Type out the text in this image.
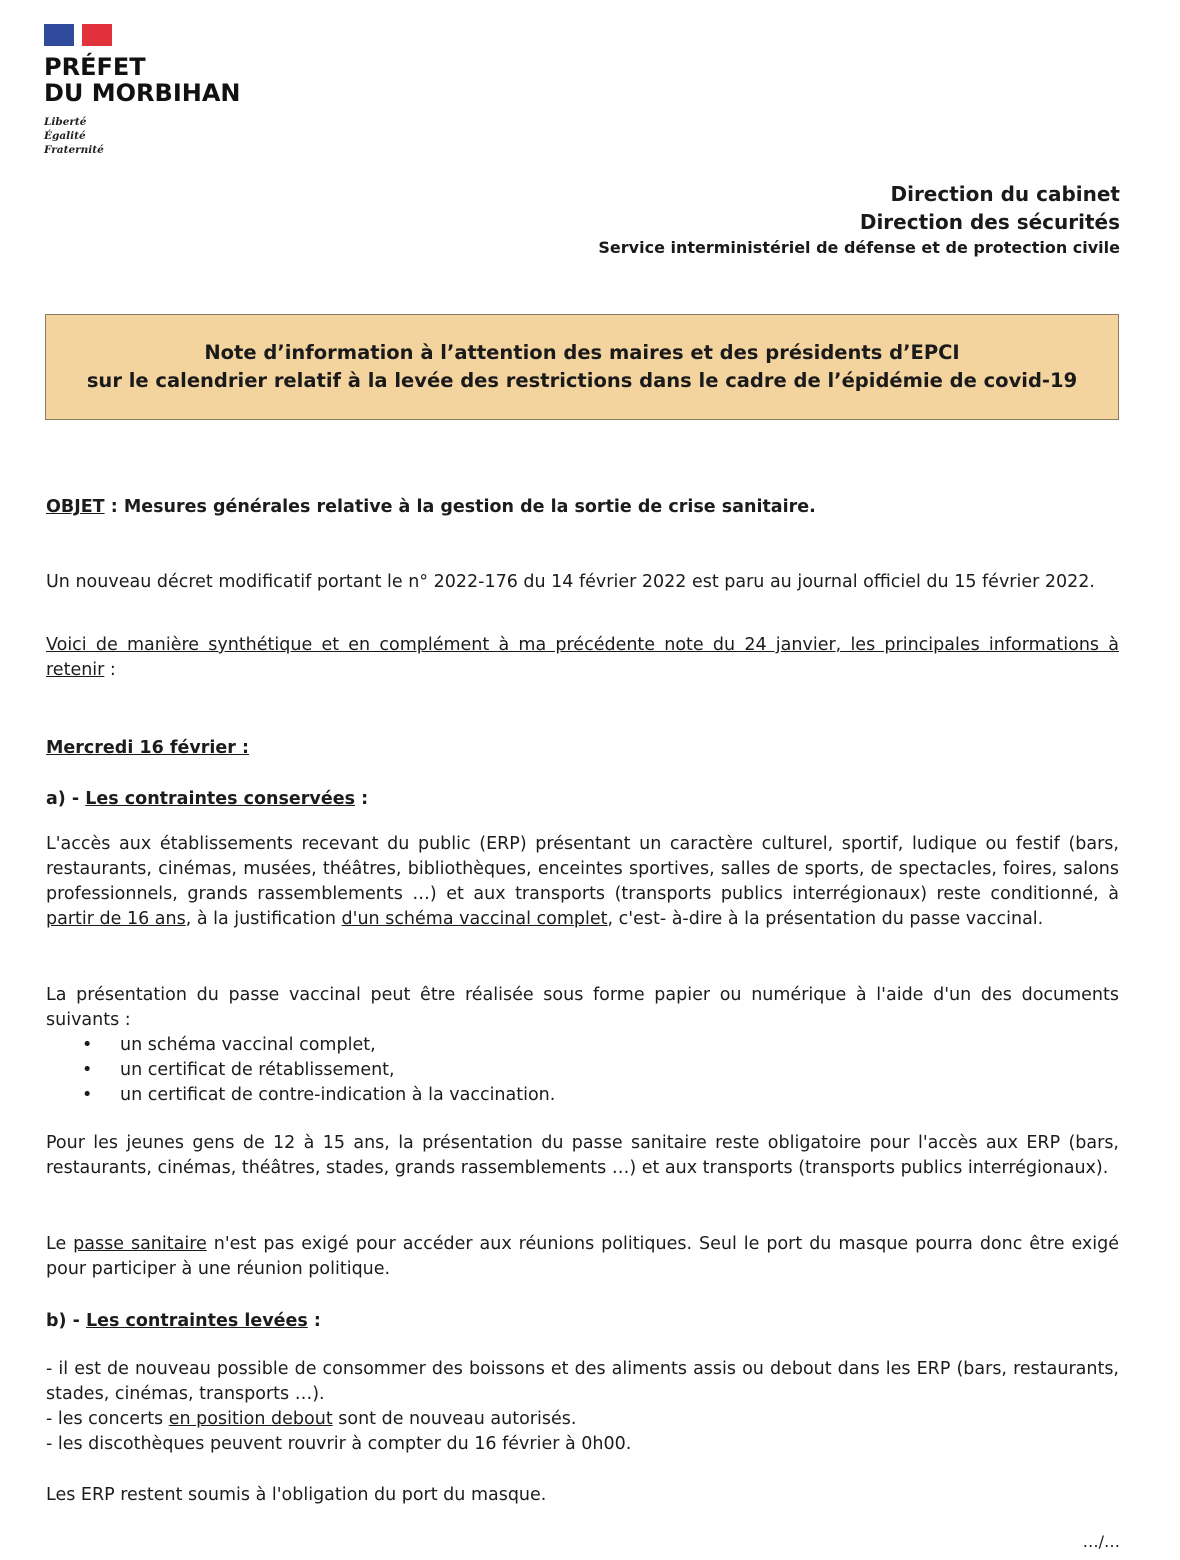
PRÉFET
DU MORBIHAN
Liberté
Égalité
Fraternité
Direction du cabinet
Direction des sécurités
Service interministériel de défense et de protection civile
Note d’information à l’attention des maires et des présidents d’EPCI
sur le calendrier relatif à la levée des restrictions dans le cadre de l’épidémie de covid-19
OBJET : Mesures générales relative à la gestion de la sortie de crise sanitaire.
Un nouveau décret modificatif portant le n° 2022-176 du 14 février 2022 est paru au journal officiel du 15 février 2022.
Voici de manière synthétique et en complément à ma précédente note du 24 janvier, les principales informations à retenir :
Mercredi 16 février :
a) - Les contraintes conservées :
L'accès aux établissements recevant du public (ERP) présentant un caractère culturel, sportif, ludique ou festif (bars, restaurants, cinémas, musées, théâtres, bibliothèques, enceintes sportives, salles de sports, de spectacles, foires, salons professionnels, grands rassemblements …) et aux transports (transports publics interrégionaux) reste conditionné, à partir de 16 ans, à la justification d'un schéma vaccinal complet, c'est- à-dire à la présentation du passe vaccinal.
La présentation du passe vaccinal peut être réalisée sous forme papier ou numérique à l'aide d'un des documents suivants :
• un schéma vaccinal complet,
• un certificat de rétablissement,
• un certificat de contre-indication à la vaccination.
Pour les jeunes gens de 12 à 15 ans, la présentation du passe sanitaire reste obligatoire pour l'accès aux ERP (bars, restaurants, cinémas, théâtres, stades, grands rassemblements …) et aux transports (transports publics interrégionaux).
Le passe sanitaire n'est pas exigé pour accéder aux réunions politiques. Seul le port du masque pourra donc être exigé pour participer à une réunion politique.
b) - Les contraintes levées :
- il est de nouveau possible de consommer des boissons et des aliments assis ou debout dans les ERP (bars, restaurants, stades, cinémas, transports …).
- les concerts en position debout sont de nouveau autorisés.
- les discothèques peuvent rouvrir à compter du 16 février à 0h00.
Les ERP restent soumis à l'obligation du port du masque.
…/…
